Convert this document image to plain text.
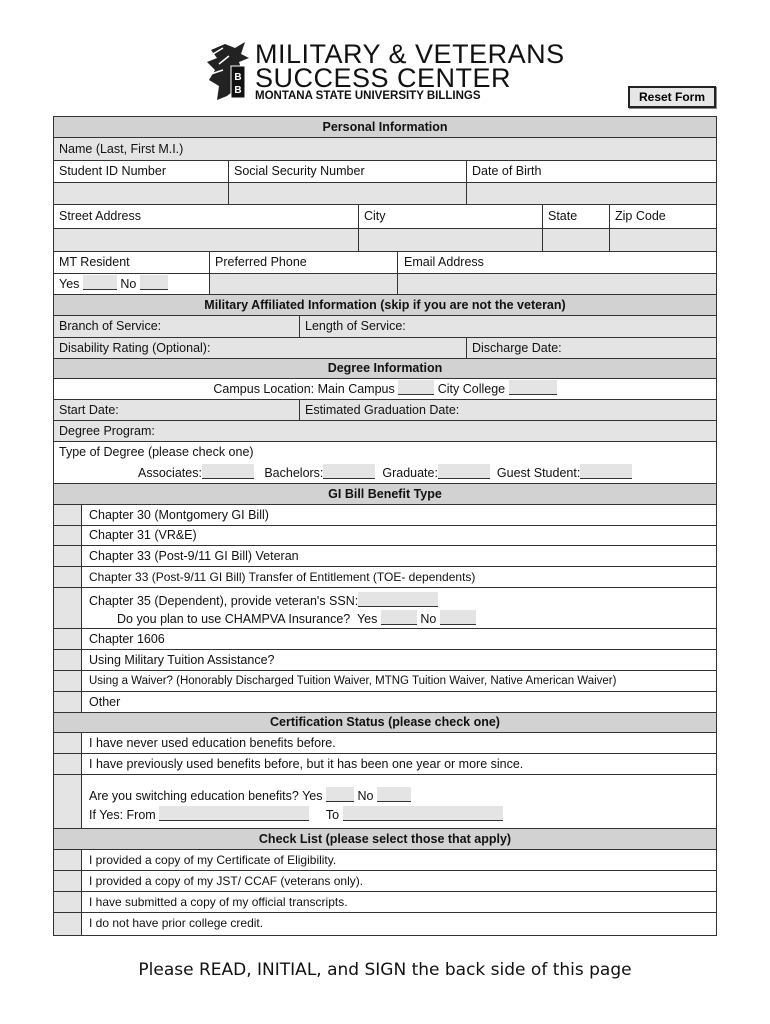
B
B
MILITARY & VETERANS
SUCCESS CENTER
MONTANA STATE UNIVERSITY BILLINGS	Reset Form
Personal Information
Name (Last, First M.I.)
Student ID Number	Social Security Number	Date of Birth
Street Address	City	State	Zip Code
MT Resident	Preferred Phone	Email Address
Yes	No
Military Affiliated Information (skip if you are not the veteran)
Branch of Service:	Length of Service:
Disability Rating (Optional):	Discharge Date:
Degree Information
Campus Location: Main Campus	City College
Start Date:	Estimated Graduation Date:
Degree Program:
Type of Degree (please check one)
Associates:	Bachelors:	Graduate:	Guest Student:
GI Bill Benefit Type
Chapter 30 (Montgomery GI Bill)
Chapter 31 (VR&E)
Chapter 33 (Post-9/11 GI Bill) Veteran
Chapter 33 (Post-9/11 GI Bill) Transfer of Entitlement (TOE- dependents)
Chapter 35 (Dependent), provide veteran's SSN:
Do you plan to use CHAMPVA Insurance? Yes	No
Chapter 1606
Using Military Tuition Assistance?
Using a Waiver? (Honorably Discharged Tuition Waiver, MTNG Tuition Waiver, Native American Waiver)
Other
Certification Status (please check one)
I have never used education benefits before.
I have previously used benefits before, but it has been one year or more since.
Are you switching education benefits? Yes	No
If Yes: From	To
Check List (please select those that apply)
I provided a copy of my Certificate of Eligibility.
I provided a copy of my JST/ CCAF (veterans only).
I have submitted a copy of my official transcripts.
I do not have prior college credit.
Please READ, INITIAL, and SIGN the back side of this page
